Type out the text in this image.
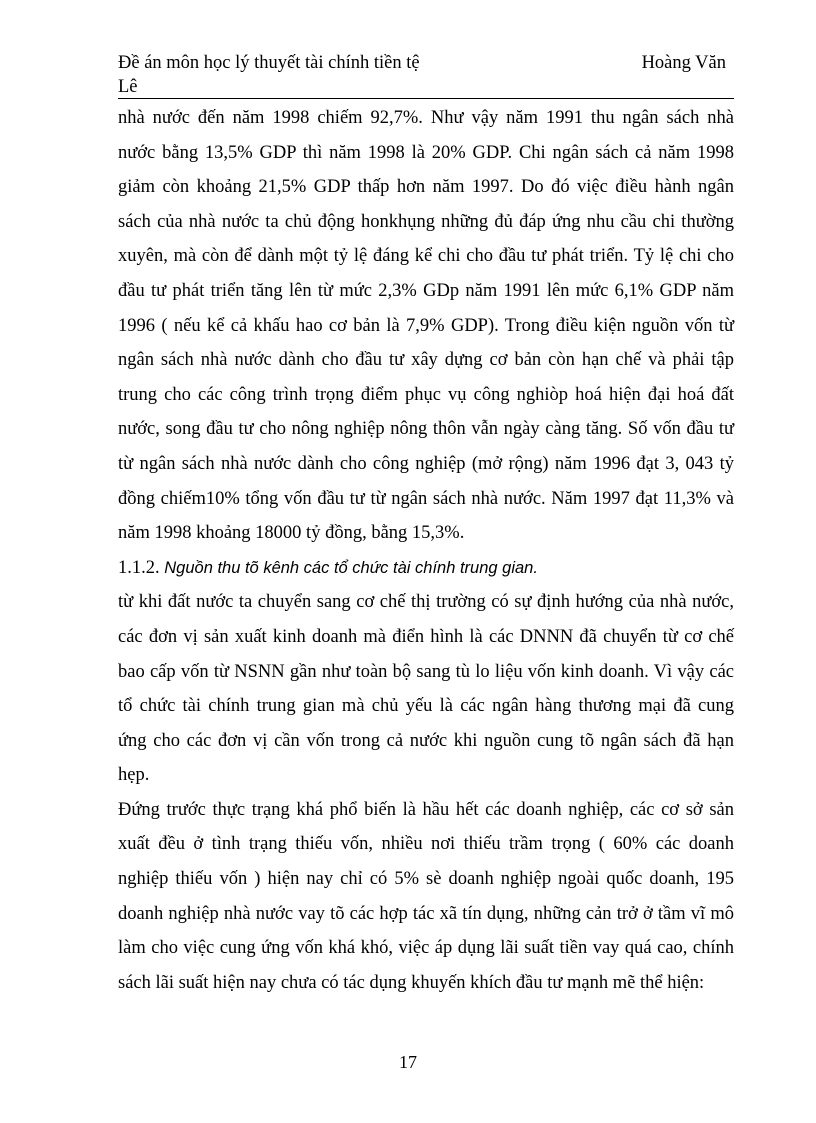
Đề án môn học lý thuyết tài chính tiền tệ	Hoàng Văn
Lê
nhà nước đến năm 1998 chiếm 92,7%. Như vậy năm 1991 thu ngân sách nhà
nước bằng 13,5% GDP thì năm 1998 là 20% GDP. Chi ngân sách cả năm 1998
giảm còn khoảng 21,5% GDP thấp hơn năm 1997. Do đó việc điều hành ngân
sách của nhà nước ta chủ động honkhụng những đủ đáp ứng nhu cầu chi thường
xuyên, mà còn để dành một tỷ lệ đáng kể chi cho đầu tư phát triển. Tỷ lệ chi cho
đầu tư phát triển tăng lên từ mức 2,3% GDp năm 1991 lên mức 6,1% GDP năm
1996 ( nếu kể cả khấu hao cơ bản là 7,9% GDP). Trong điều kiện nguồn vốn từ
ngân sách nhà nước dành cho đầu tư xây dựng cơ bản còn hạn chế và phải tập
trung cho các công trình trọng điểm phục vụ công nghiòp hoá hiện đại hoá đất
nước, song đầu tư cho nông nghiệp nông thôn vẫn ngày càng tăng. Số vốn đầu tư
từ ngân sách nhà nước dành cho công nghiệp (mở rộng) năm 1996 đạt 3, 043 tỷ
đồng chiếm10% tổng vốn đầu tư từ ngân sách nhà nước. Năm 1997 đạt 11,3% và
năm 1998 khoảng 18000 tỷ đồng, bằng 15,3%.
1.1.2. Nguồn thu tõ kênh các tổ chức tài chính trung gian.
từ khi đất nước ta chuyển sang cơ chế thị trường có sự định hướng của nhà nước,
các đơn vị sản xuất kinh doanh mà điển hình là các DNNN đã chuyển từ cơ chế
bao cấp vốn từ NSNN gần như toàn bộ sang tù lo liệu vốn kinh doanh. Vì vậy các
tổ chức tài chính trung gian mà chủ yếu là các ngân hàng thương mại đã cung
ứng cho các đơn vị cần vốn trong cả nước khi nguồn cung tõ ngân sách đã hạn
hẹp.
Đứng trước thực trạng khá phổ biến là hầu hết các doanh nghiệp, các cơ sở sản
xuất đều ở tình trạng thiếu vốn, nhiều nơi thiếu trầm trọng ( 60% các doanh
nghiệp thiếu vốn ) hiện nay chỉ có 5% sè doanh nghiệp ngoài quốc doanh, 195
doanh nghiệp nhà nước vay tõ các hợp tác xã tín dụng, những cản trở ở tầm vĩ mô
làm cho việc cung ứng vốn khá khó, việc áp dụng lãi suất tiền vay quá cao, chính
sách lãi suất hiện nay chưa có tác dụng khuyến khích đầu tư mạnh mẽ thể hiện:
17
